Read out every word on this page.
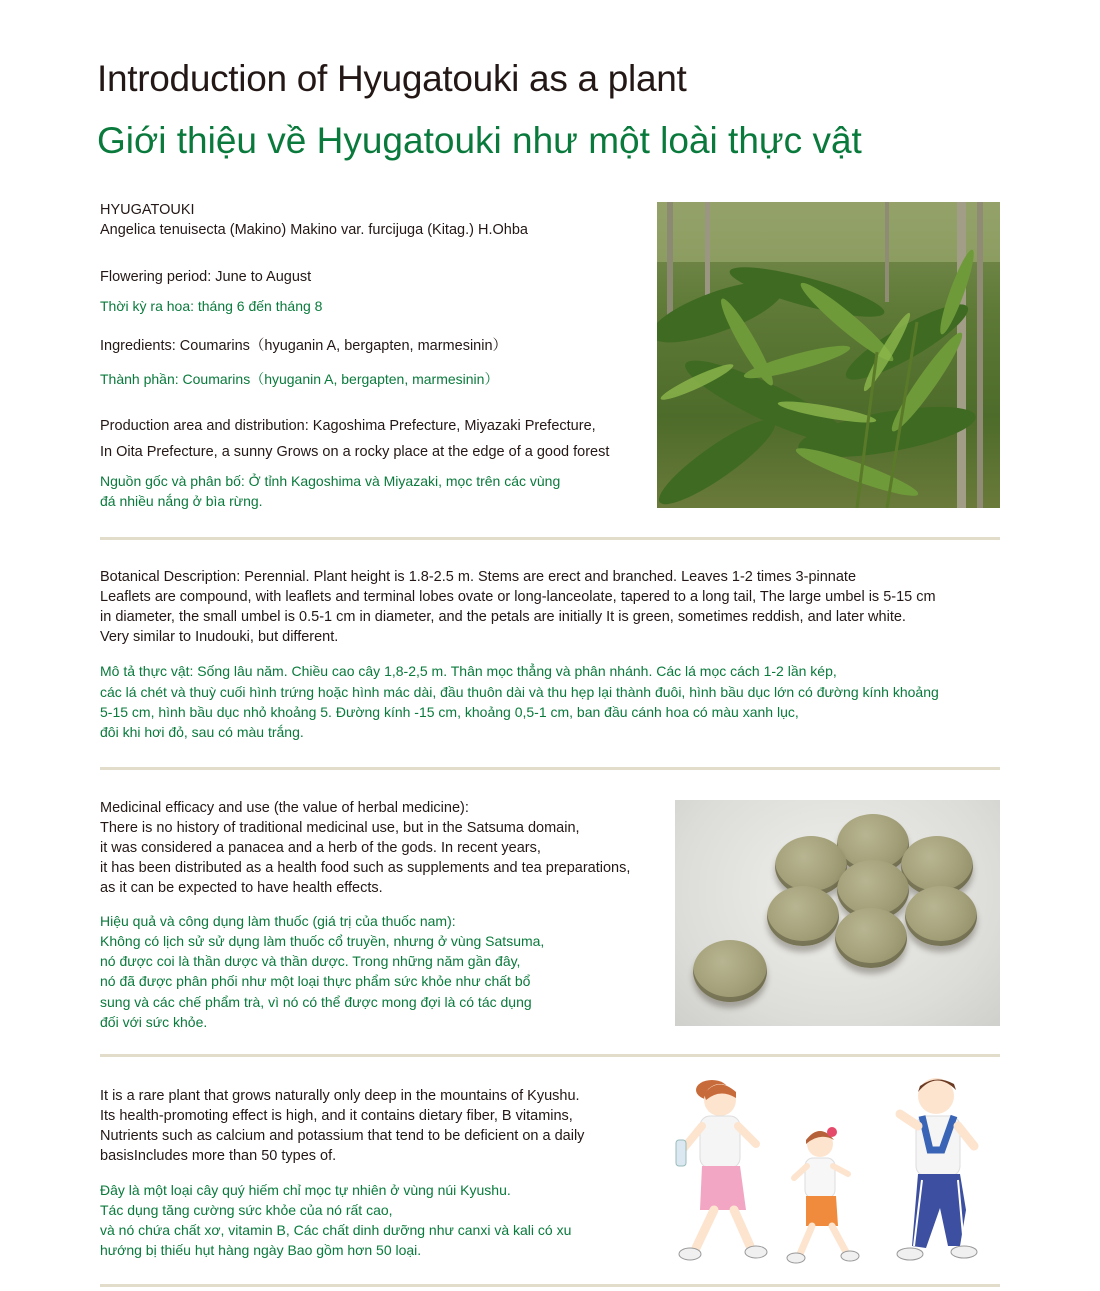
Introduction of Hyugatouki as a plant
Giới thiệu về Hyugatouki như một loài thực vật
HYUGATOUKI
Angelica tenuisecta (Makino) Makino var. furcijuga (Kitag.) H.Ohba
Flowering period: June to August
Thời kỳ ra hoa: tháng 6 đến tháng 8
Ingredients: Coumarins（hyuganin A, bergapten, marmesinin）
Thành phần: Coumarins（hyuganin A, bergapten, marmesinin）
Production area and distribution: Kagoshima Prefecture, Miyazaki Prefecture,
In Oita Prefecture, a sunny Grows on a rocky place at the edge of a good forest
Nguồn gốc và phân bố: Ở tỉnh Kagoshima và Miyazaki, mọc trên các vùng
đá nhiều nắng ở bìa rừng.
Botanical Description: Perennial. Plant height is 1.8-2.5 m. Stems are erect and branched. Leaves 1-2 times 3-pinnate
Leaflets are compound, with leaflets and terminal lobes ovate or long-lanceolate, tapered to a long tail, The large umbel is 5-15 cm
in diameter, the small umbel is 0.5-1 cm in diameter, and the petals are initially It is green, sometimes reddish, and later white.
Very similar to Inudouki, but different.
Mô tả thực vật: Sống lâu năm. Chiều cao cây 1,8-2,5 m. Thân mọc thẳng và phân nhánh. Các lá mọc cách 1-2 lần kép,
các lá chét và thuỳ cuối hình trứng hoặc hình mác dài, đầu thuôn dài và thu hẹp lại thành đuôi, hình bầu dục lớn có đường kính khoảng
5-15 cm, hình bầu dục nhỏ khoảng 5. Đường kính -15 cm, khoảng 0,5-1 cm, ban đầu cánh hoa có màu xanh lục,
đôi khi hơi đỏ, sau có màu trắng.
Medicinal efficacy and use (the value of herbal medicine):
There is no history of traditional medicinal use, but in the Satsuma domain,
it was considered a panacea and a herb of the gods. In recent years,
it has been distributed as a health food such as supplements and tea preparations,
as it can be expected to have health effects.
Hiệu quả và công dụng làm thuốc (giá trị của thuốc nam):
Không có lịch sử sử dụng làm thuốc cổ truyền, nhưng ở vùng Satsuma,
nó được coi là thần dược và thần dược. Trong những năm gần đây,
nó đã được phân phối như một loại thực phẩm sức khỏe như chất bổ
sung và các chế phẩm trà, vì nó có thể được mong đợi là có tác dụng
đối với sức khỏe.
It is a rare plant that grows naturally only deep in the mountains of Kyushu.
Its health-promoting effect is high, and it contains dietary fiber, B vitamins,
Nutrients such as calcium and potassium that tend to be deficient on a daily
basisIncludes more than 50 types of.
Đây là một loại cây quý hiếm chỉ mọc tự nhiên ở vùng núi Kyushu.
Tác dụng tăng cường sức khỏe của nó rất cao,
và nó chứa chất xơ, vitamin B, Các chất dinh dưỡng như canxi và kali có xu
hướng bị thiếu hụt hàng ngày Bao gồm hơn 50 loại.
